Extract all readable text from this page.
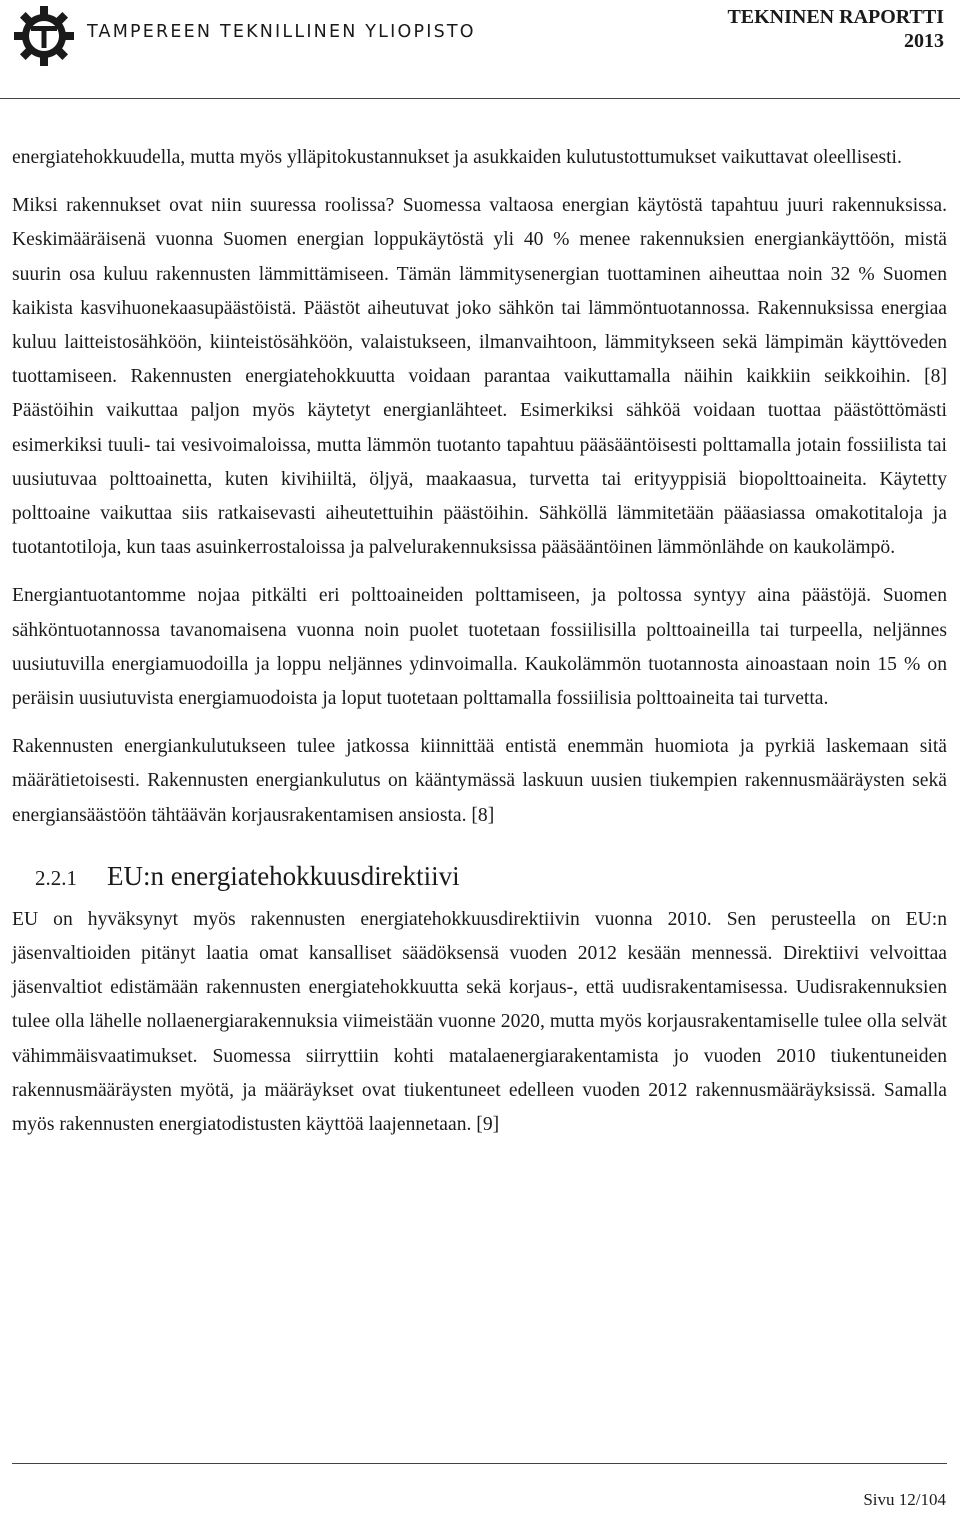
TAMPEREEN TEKNILLINEN YLIOPISTO
TEKNINEN RAPORTTI
2013

energiatehokkuudella, mutta myös ylläpitokustannukset ja asukkaiden kulutustottumukset vaikuttavat oleellisesti.

Miksi rakennukset ovat niin suuressa roolissa? Suomessa valtaosa energian käytöstä tapahtuu juuri rakennuksissa. Keskimääräisenä vuonna Suomen energian loppukäytöstä yli 40 % menee rakennuksien energiankäyttöön, mistä suurin osa kuluu rakennusten lämmittämiseen. Tämän lämmitysenergian tuottaminen aiheuttaa noin 32 % Suomen kaikista kasvihuonekaasupäästöistä. Päästöt aiheutuvat joko sähkön tai lämmöntuotannossa. Rakennuksissa energiaa kuluu laitteistosähköön, kiinteistösähköön, valaistukseen, ilmanvaihtoon, lämmitykseen sekä lämpimän käyttöveden tuottamiseen. Rakennusten energiatehokkuutta voidaan parantaa vaikuttamalla näihin kaikkiin seikkoihin. [8] Päästöihin vaikuttaa paljon myös käytetyt energianlähteet. Esimerkiksi sähköä voidaan tuottaa päästöttömästi esimerkiksi tuuli- tai vesivoimaloissa, mutta lämmön tuotanto tapahtuu pääsääntöisesti polttamalla jotain fossiilista tai uusiutuvaa polttoainetta, kuten kivihiiltä, öljyä, maakaasua, turvetta tai erityyppisiä biopolttoaineita. Käytetty polttoaine vaikuttaa siis ratkaisevasti aiheutettuihin päästöihin. Sähköllä lämmitetään pääasiassa omakotitaloja ja tuotantotiloja, kun taas asuinkerrostaloissa ja palvelurakennuksissa pääsääntöinen lämmönlähde on kaukolämpö.

Energiantuotantomme nojaa pitkälti eri polttoaineiden polttamiseen, ja poltossa syntyy aina päästöjä. Suomen sähköntuotannossa tavanomaisena vuonna noin puolet tuotetaan fossiilisilla polttoaineilla tai turpeella, neljännes uusiutuvilla energiamuodoilla ja loppu neljännes ydinvoimalla. Kaukolämmön tuotannosta ainoastaan noin 15 % on peräisin uusiutuvista energiamuodoista ja loput tuotetaan polttamalla fossiilisia polttoaineita tai turvetta.

Rakennusten energiankulutukseen tulee jatkossa kiinnittää entistä enemmän huomiota ja pyrkiä laskemaan sitä määrätietoisesti. Rakennusten energiankulutus on kääntymässä laskuun uusien tiukempien rakennusmääräysten sekä energiansäästöön tähtäävän korjausrakentamisen ansiosta. [8]

2.2.1	EU:n energiatehokkuusdirektiivi

EU on hyväksynyt myös rakennusten energiatehokkuusdirektiivin vuonna 2010. Sen perusteella on EU:n jäsenvaltioiden pitänyt laatia omat kansalliset säädöksensä vuoden 2012 kesään mennessä. Direktiivi velvoittaa jäsenvaltiot edistämään rakennusten energiatehokkuutta sekä korjaus-, että uudisrakentamisessa. Uudisrakennuksien tulee olla lähelle nollaenergiarakennuksia viimeistään vuonne 2020, mutta myös korjausrakentamiselle tulee olla selvät vähimmäisvaatimukset. Suomessa siirryttiin kohti matalaenergiarakentamista jo vuoden 2010 tiukentuneiden rakennusmääräysten myötä, ja määräykset ovat tiukentuneet edelleen vuoden 2012 rakennusmääräyksissä. Samalla myös rakennusten energiatodistusten käyttöä laajennetaan. [9]

Sivu 12/104
